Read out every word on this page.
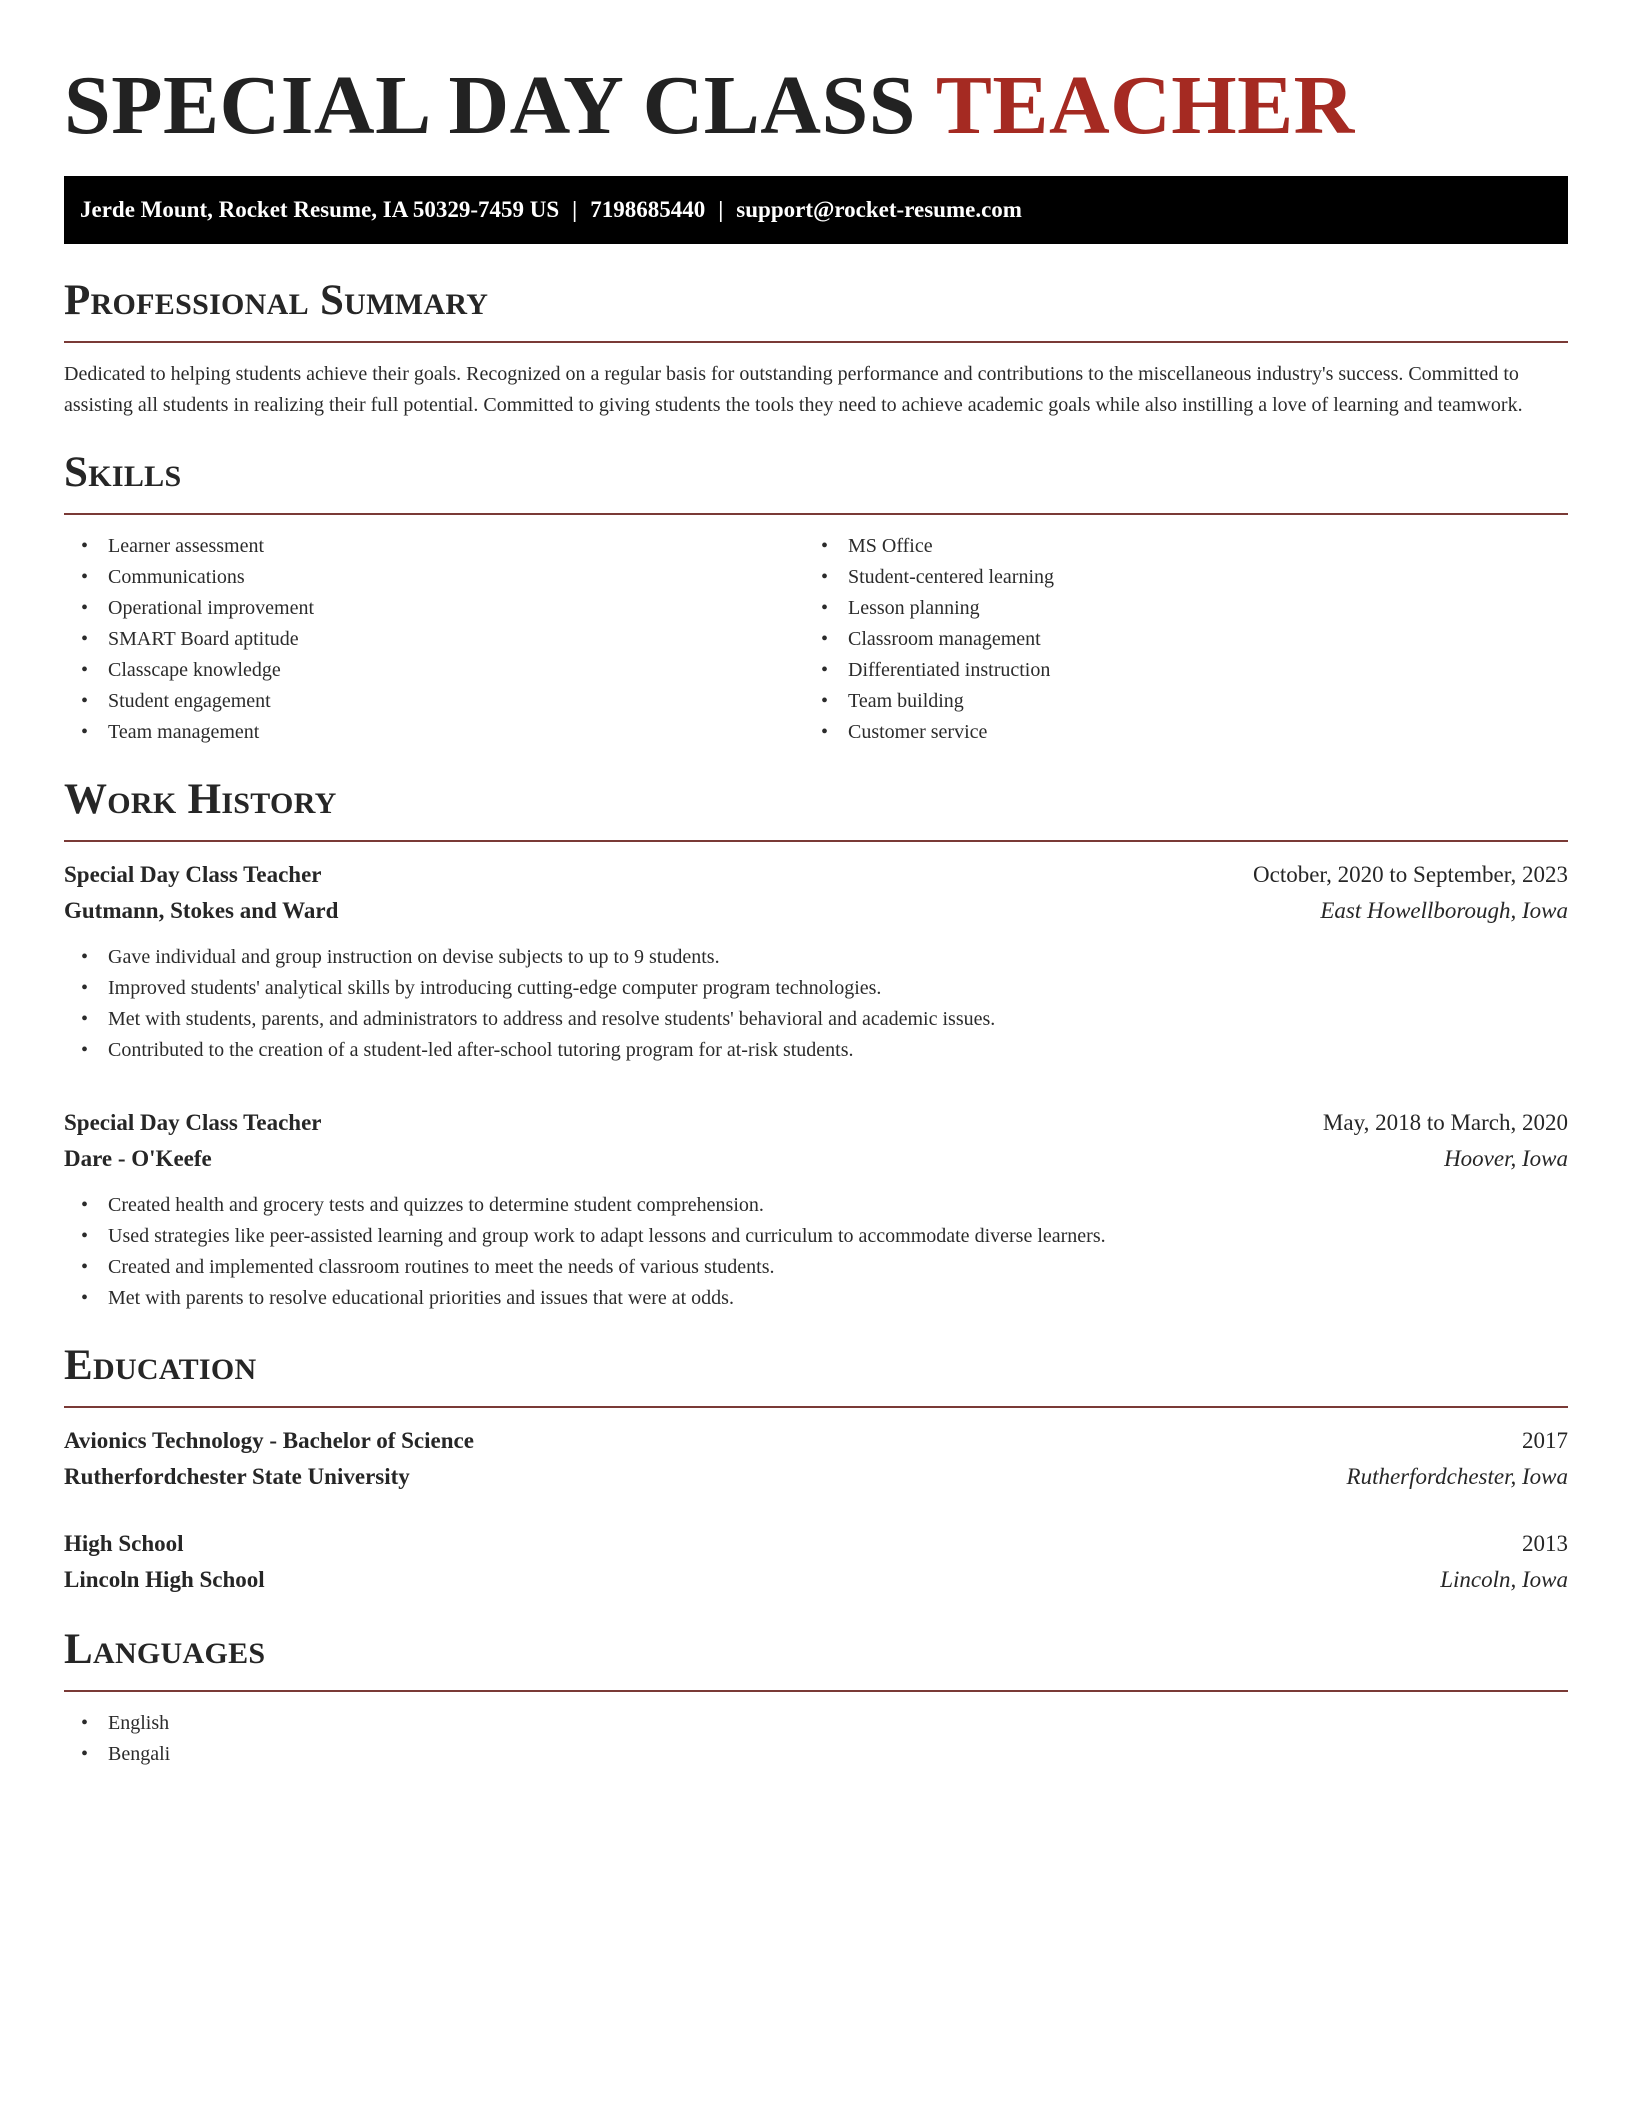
SPECIAL DAY CLASS TEACHER
Jerde Mount, Rocket Resume, IA 50329-7459 US | 7198685440 | support@rocket-resume.com
Professional Summary

Dedicated to helping students achieve their goals. Recognized on a regular basis for outstanding performance and contributions to the miscellaneous industry's success. Committed to assisting all students in realizing their full potential. Committed to giving students the tools they need to achieve academic goals while also instilling a love of learning and teamwork.

Skills
• Learner assessment
• Communications
• Operational improvement
• SMART Board aptitude
• Classcape knowledge
• Student engagement
• Team management
• MS Office
• Student-centered learning
• Lesson planning
• Classroom management
• Differentiated instruction
• Team building
• Customer service
Work History
Special Day Class Teacher	October, 2020 to September, 2023
Gutmann, Stokes and Ward	East Howellborough, Iowa
• Gave individual and group instruction on devise subjects to up to 9 students.
• Improved students' analytical skills by introducing cutting-edge computer program technologies.
• Met with students, parents, and administrators to address and resolve students' behavioral and academic issues.
• Contributed to the creation of a student-led after-school tutoring program for at-risk students.
Special Day Class Teacher	May, 2018 to March, 2020
Dare - O'Keefe	Hoover, Iowa
• Created health and grocery tests and quizzes to determine student comprehension.
• Used strategies like peer-assisted learning and group work to adapt lessons and curriculum to accommodate diverse learners.
• Created and implemented classroom routines to meet the needs of various students.
• Met with parents to resolve educational priorities and issues that were at odds.
Education
Avionics Technology - Bachelor of Science	2017
Rutherfordchester State University	Rutherfordchester, Iowa
High School	2013
Lincoln High School	Lincoln, Iowa
Languages
• English
• Bengali
